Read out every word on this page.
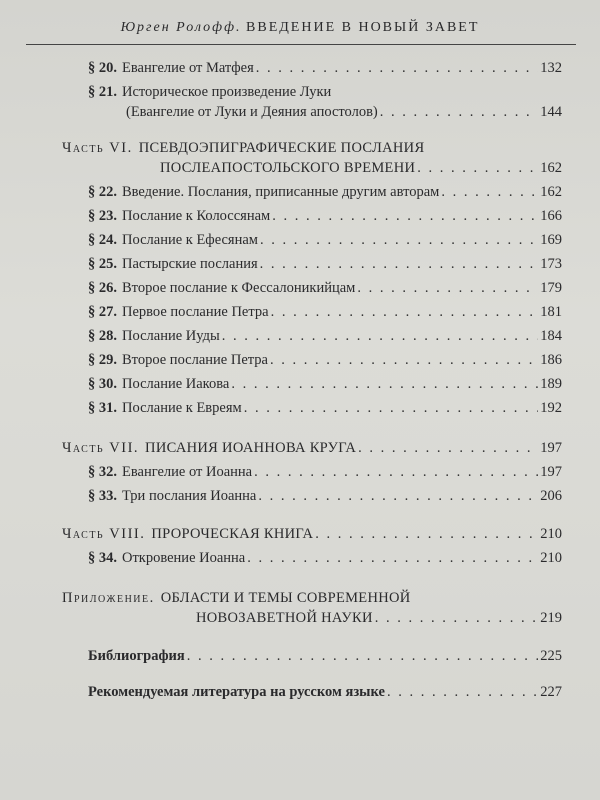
Юрген Ролофф. ВВЕДЕНИЕ В НОВЫЙ ЗАВЕТ
§ 20. Евангелие от Матфея . . .	132
§ 21. Историческое произведение Луки
(Евангелие от Луки и Деяния апостолов) . . .	144
Часть VI. ПСЕВДОЭПИГРАФИЧЕСКИЕ ПОСЛАНИЯ
ПОСЛЕАПОСТОЛЬСКОГО ВРЕМЕНИ . . .	162
§ 22. Введение. Послания, приписанные другим авторам . . .	162
§ 23. Послание к Колоссянам . . .	166
§ 24. Послание к Ефесянам . . .	169
§ 25. Пастырские послания . . .	173
§ 26. Второе послание к Фессалоникийцам . . .	179
§ 27. Первое послание Петра . . .	181
§ 28. Послание Иуды . . .	184
§ 29. Второе послание Петра . . .	186
§ 30. Послание Иакова . . .	189
§ 31. Послание к Евреям . . .	192
Часть VII. ПИСАНИЯ ИОАННОВА КРУГА . . .	197
§ 32. Евангелие от Иоанна . . .	197
§ 33. Три послания Иоанна . . .	206
Часть VIII. ПРОРОЧЕСКАЯ КНИГА . . .	210
§ 34. Откровение Иоанна . . .	210
Приложение. ОБЛАСТИ И ТЕМЫ СОВРЕМЕННОЙ
НОВОЗАВЕТНОЙ НАУКИ . . .	219
Библиография . . .	225
Рекомендуемая литература на русском языке . . .	227
